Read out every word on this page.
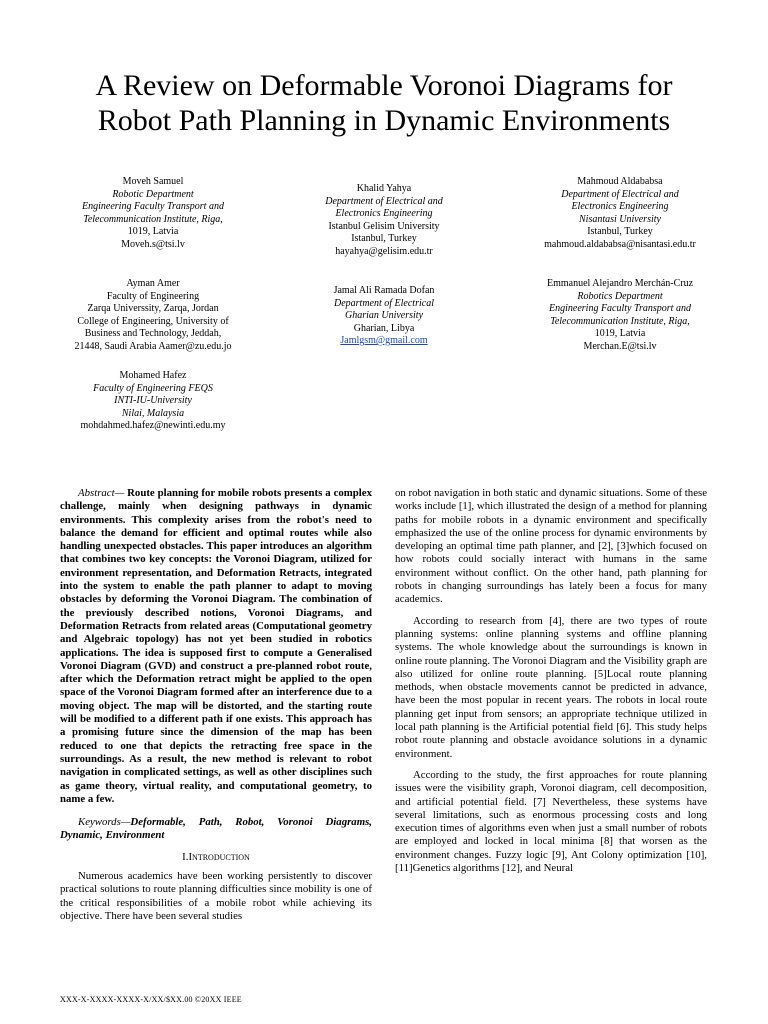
A Review on Deformable Voronoi Diagrams for
Robot Path Planning in Dynamic Environments
Moveh Samuel
Robotic Department
Engineering Faculty Transport and
Telecommunication Institute, Riga,
1019, Latvia
Moveh.s@tsi.lv
Khalid Yahya
Department of Electrical and
Electronics Engineering
Istanbul Gelisim University
Istanbul, Turkey
hayahya@gelisim.edu.tr
Mahmoud Aldababsa
Department of Electrical and
Electronics Engineering
Nisantasi University
Istanbul, Turkey
mahmoud.aldababsa@nisantasi.edu.tr
Ayman Amer
Faculty of Engineering
Zarqa Universsity, Zarqa, Jordan
College of Engineering, University of
Business and Technology, Jeddah,
21448, Saudi Arabia Aamer@zu.edu.jo
Jamal Ali Ramada Dofan
Department of Electrical
Gharian University
Gharian, Libya
Jamlgsm@gmail.com
Emmanuel Alejandro Merchán-Cruz
Robotics Department
Engineering Faculty Transport and
Telecommunication Institute, Riga,
1019, Latvia
Merchan.E@tsi.lv
Mohamed Hafez
Faculty of Engineering FEQS
INTI-IU-University
Nilai, Malaysia
mohdahmed.hafez@newinti.edu.my

Abstract— Route planning for mobile robots presents a complex challenge, mainly when designing pathways in dynamic environments. This complexity arises from the robot's need to balance the demand for efficient and optimal routes while also handling unexpected obstacles. This paper introduces an algorithm that combines two key concepts: the Voronoi Diagram, utilized for environment representation, and Deformation Retracts, integrated into the system to enable the path planner to adapt to moving obstacles by deforming the Voronoi Diagram. The combination of the previously described notions, Voronoi Diagrams, and Deformation Retracts from related areas (Computational geometry and Algebraic topology) has not yet been studied in robotics applications. The idea is supposed first to compute a Generalised Voronoi Diagram (GVD) and construct a pre-planned robot route, after which the Deformation retract might be applied to the open space of the Voronoi Diagram formed after an interference due to a moving object. The map will be distorted, and the starting route will be modified to a different path if one exists. This approach has a promising future since the dimension of the map has been reduced to one that depicts the retracting free space in the surroundings. As a result, the new method is relevant to robot navigation in complicated settings, as well as other disciplines such as game theory, virtual reality, and computational geometry, to name a few.

Keywords—Deformable, Path, Robot, Voronoi Diagrams, Dynamic, Environment

I.Introduction

Numerous academics have been working persistently to discover practical solutions to route planning difficulties since mobility is one of the critical responsibilities of a mobile robot while achieving its objective. There have been several studies

on robot navigation in both static and dynamic situations. Some of these works include [1], which illustrated the design of a method for planning paths for mobile robots in a dynamic environment and specifically emphasized the use of the online process for dynamic environments by developing an optimal time path planner, and [2], [3]which focused on how robots could socially interact with humans in the same environment without conflict. On the other hand, path planning for robots in changing surroundings has lately been a focus for many academics.

According to research from [4], there are two types of route planning systems: online planning systems and offline planning systems. The whole knowledge about the surroundings is known in online route planning. The Voronoi Diagram and the Visibility graph are also utilized for online route planning. [5]Local route planning methods, when obstacle movements cannot be predicted in advance, have been the most popular in recent years. The robots in local route planning get input from sensors; an appropriate technique utilized in local path planning is the Artificial potential field [6]. This study helps robot route planning and obstacle avoidance solutions in a dynamic environment.

According to the study, the first approaches for route planning issues were the visibility graph, Voronoi diagram, cell decomposition, and artificial potential field. [7] Nevertheless, these systems have several limitations, such as enormous processing costs and long execution times of algorithms even when just a small number of robots are employed and locked in local minima [8] that worsen as the environment changes. Fuzzy logic [9], Ant Colony optimization [10], [11]Genetics algorithms [12], and Neural

XXX-X-XXXX-XXXX-X/XX/$XX.00 ©20XX IEEE
